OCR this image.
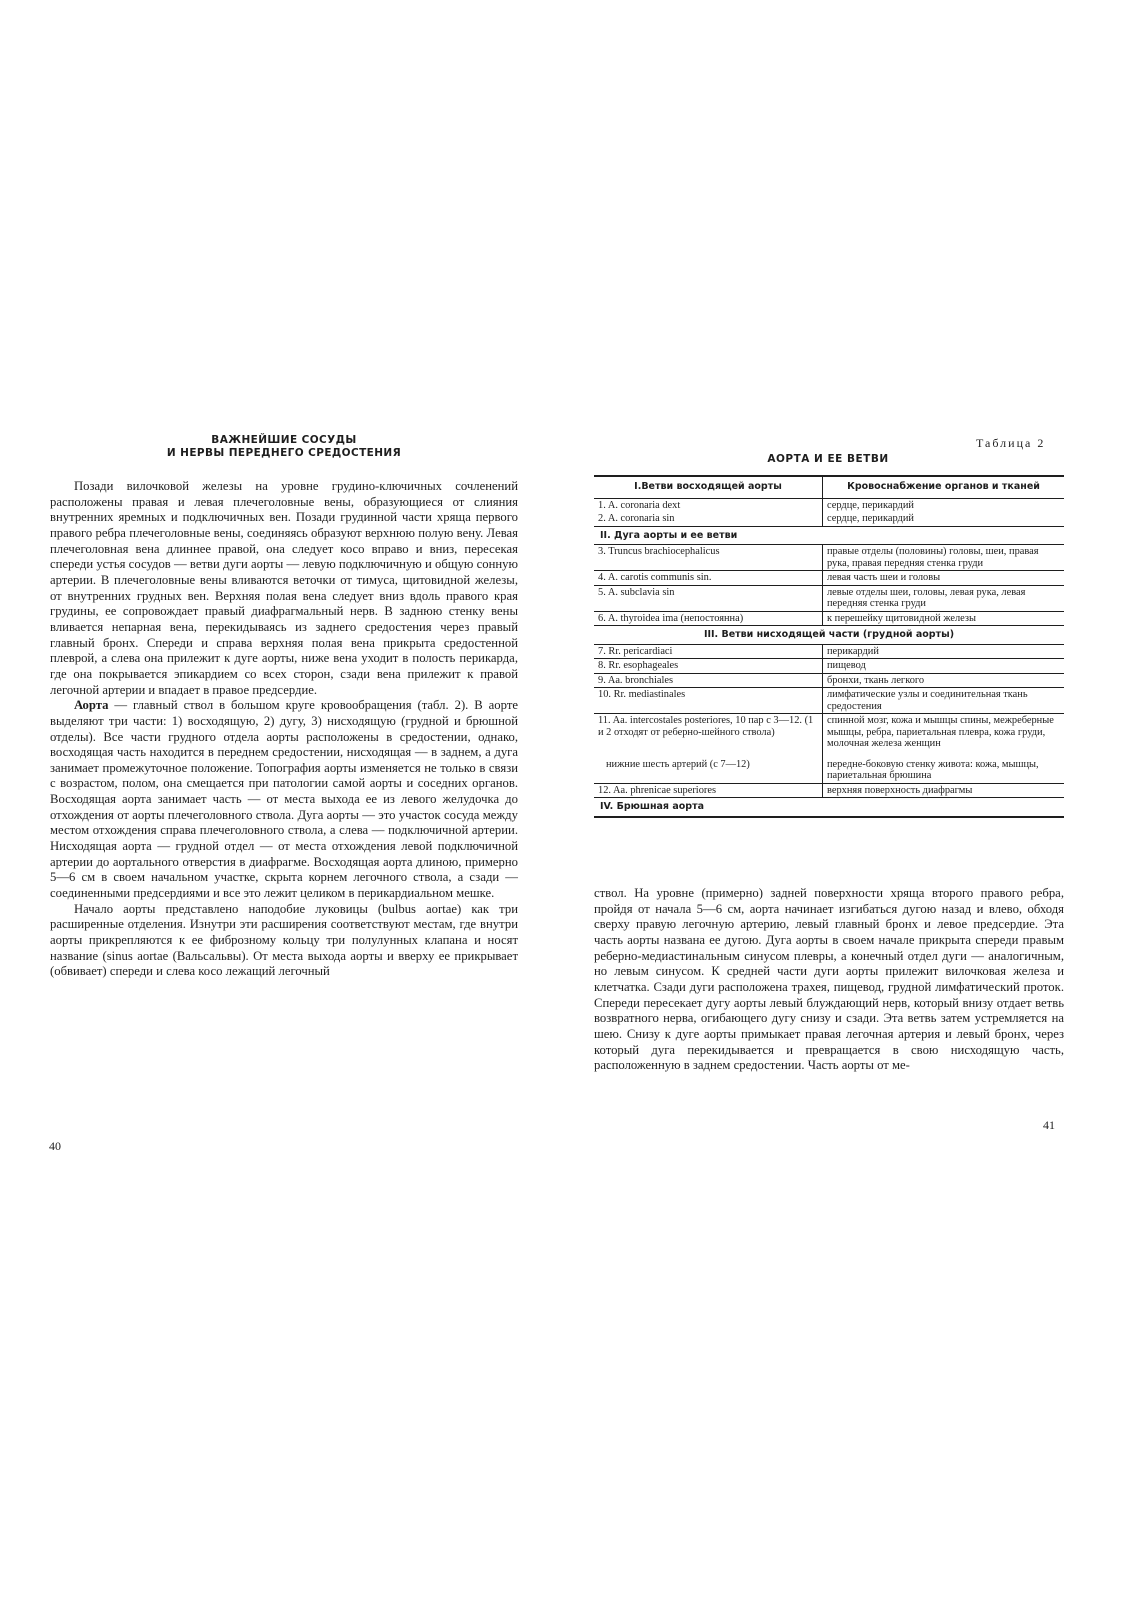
ВАЖНЕЙШИЕ СОСУДЫ
И НЕРВЫ ПЕРЕДНЕГО СРЕДОСТЕНИЯ

Позади вилочковой железы на уровне грудино-ключичных сочленений расположены правая и левая плечеголовные вены, образующиеся от слияния внутренних яремных и подключичных вен. Позади грудинной части хряща первого правого ребра плечеголовные вены, соединяясь образуют верхнюю полую вену. Левая плечеголовная вена длиннее правой, она следует косо вправо и вниз, пересекая спереди устья сосудов — ветви дуги аорты — левую подключичную и общую сонную артерии. В плечеголовные вены вливаются веточки от тимуса, щитовидной железы, от внутренних грудных вен. Верхняя полая вена следует вниз вдоль правого края грудины, ее сопровождает правый диафрагмальный нерв. В заднюю стенку вены вливается непарная вена, перекидываясь из заднего средостения через правый главный бронх. Спереди и справа верхняя полая вена прикрыта средостенной плеврой, а слева она прилежит к дуге аорты, ниже вена уходит в полость перикарда, где она покрывается эпикардием со всех сторон, сзади вена прилежит к правой легочной артерии и впадает в правое предсердие.

Аорта — главный ствол в большом круге кровообращения (табл. 2). В аорте выделяют три части: 1) восходящую, 2) дугу, 3) нисходящую (грудной и брюшной отделы). Все части грудного отдела аорты расположены в средостении, однако, восходящая часть находится в переднем средостении, нисходящая — в заднем, а дуга занимает промежуточное положение. Топография аорты изменяется не только в связи с возрастом, полом, она смещается при патологии самой аорты и соседних органов. Восходящая аорта занимает часть — от места выхода ее из левого желудочка до отхождения от аорты плечеголовного ствола. Дуга аорты — это участок сосуда между местом отхождения справа плечеголовного ствола, а слева — подключичной артерии. Нисходящая аорта — грудной отдел — от места отхождения левой подключичной артерии до аортального отверстия в диафрагме. Восходящая аорта длиною, примерно 5—6 см в своем начальном участке, скрыта корнем легочного ствола, а сзади — соединенными предсердиями и все это лежит целиком в перикардиальном мешке.

Начало аорты представлено наподобие луковицы (bulbus aortae) как три расширенные отделения. Изнутри эти расширения соответствуют местам, где внутри аорты прикрепляются к ее фиброзному кольцу три полулунных клапана и носят название (sinus aortae (Вальсальвы). От места выхода аорты и вверху ее прикрывает (обвивает) спереди и слева косо лежащий легочный

40
Таблица 2
АОРТА И ЕЕ ВЕТВИ
I.Ветви восходящей аорты	Кровоснабжение органов и тканей
1. A. coronaria dext	сердце, перикардий
2. A. coronaria sin	сердце, перикардий
II. Дуга аорты и ее ветви	
3. Truncus brachiocephalicus	правые отделы (половины) головы, шеи, правая рука, правая передняя стенка груди
4. A. carotis communis sin.	левая часть шеи и головы
5. A. subclavia sin	левые отделы шеи, головы, левая рука, левая передняя стенка груди
6. A. thyroidea ima (непостоянна)	к перешейку щитовидной железы
III. Ветви нисходящей части (грудной аорты)	
7. Rr. pericardiaci	перикардий
8. Rr. esophageales	пищевод
9. Aa. bronchiales	бронхи, ткань легкого
10. Rr. mediastinales	лимфатические узлы и соединительная ткань средостения
11. Aa. intercostales posteriores, 10 пар с 3—12. (1 и 2 отходят от реберно-шейного ствола)	спинной мозг, кожа и мышцы спины, межреберные мышцы, ребра, париетальная плевра, кожа груди, молочная железа женщин
нижние шесть артерий (с 7—12)	передне-боковую стенку живота: кожа, мышцы, париетальная брюшина
12. Aa. phrenicae superiores	верхняя поверхность диафрагмы
IV. Брюшная аорта	

ствол. На уровне (примерно) задней поверхности хряща второго правого ребра, пройдя от начала 5—6 см, аорта начинает изгибаться дугою назад и влево, обходя сверху правую легочную артерию, левый главный бронх и левое предсердие. Эта часть аорты названа ее дугою. Дуга аорты в своем начале прикрыта спереди правым реберно-медиастинальным синусом плевры, а конечный отдел дуги — аналогичным, но левым синусом. К средней части дуги аорты прилежит вилочковая железа и клетчатка. Сзади дуги расположена трахея, пищевод, грудной лимфатический проток. Спереди пересекает дугу аорты левый блуждающий нерв, который внизу отдает ветвь возвратного нерва, огибающего дугу снизу и сзади. Эта ветвь затем устремляется на шею. Снизу к дуге аорты примыкает правая легочная артерия и левый бронх, через который дуга перекидывается и превращается в свою нисходящую часть, расположенную в заднем средостении. Часть аорты от ме-

41
